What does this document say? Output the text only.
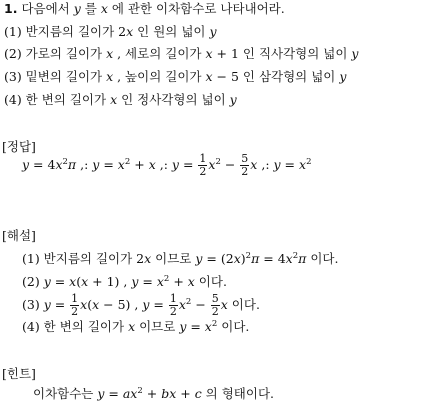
1. 다음에서 y 를 x 에 관한 이차함수로 나타내어라.
(1) 반지름의 길이가 2x 인 원의 넓이 y
(2) 가로의 길이가 x , 세로의 길이가 x + 1 인 직사각형의 넓이 y
(3) 밑변의 길이가 x , 높이의 길이가 x − 5 인 삼각형의 넓이 y
(4) 한 변의 길이가 x 인 정사각형의 넓이 y
[정답]
$y = 4x^2\pi$ ,: $y = x^2 + x$ ,: $y = \frac{1}{2} x^2 - \frac{5}{2}$ x ,: $y = x^2$
[해설]
(1) 반지름의 길이가 2x 이므로 $y = (2x)^2\pi = 4x^2\pi$ 이다.
(2) y = x(x + 1) , $y = x^2 + x$ 이다.
(3) $y = \frac{1}{2} x(x - 5)$ , $y = \frac{1}{2} x^2 - \frac{5}{2}$ x 이다.
(4) 한 변의 길이가 x 이므로 $y = x^2$ 이다.
[힌트]
이차함수는 $y = ax^2$ + bx + c 의 형태이다.
